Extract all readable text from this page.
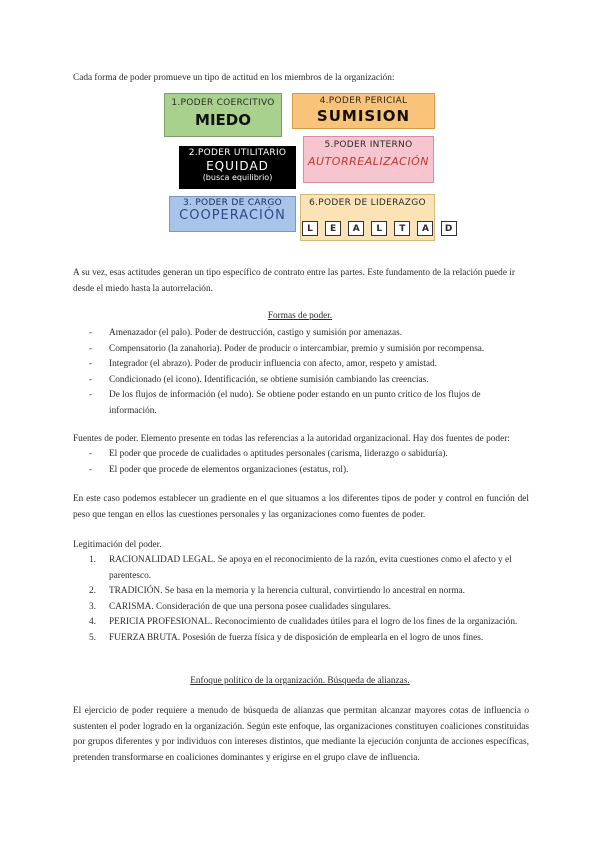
Cada forma de poder promueve un tipo de actitud en los miembros de la organización:

1.PODER COERCITIVO
MIEDO
4.PODER PERICIAL
SUMISION
2.PODER UTILITARIO
EQUIDAD
(busca equilibrio)
5.PODER INTERNO
AUTORREALIZACIÓN
3. PODER DE CARGO
COOPERACIÓN
6.PODER DE LIDERAZGO
L E A L T A D

A su vez, esas actitudes generan un tipo específico de contrato entre las partes. Este fundamento de la relación puede ir desde el miedo hasta la autorrelación.

Formas de poder.
- Amenazador (el palo). Poder de destrucción, castigo y sumisión por amenazas.
- Compensatorio (la zanahoria). Poder de producir o intercambiar, premio y sumisión por recompensa.
- Integrador (el abrazo). Poder de producir influencia con afecto, amor, respeto y amistad.
- Condicionado (el icono). Identificación, se obtiene sumisión cambiando las creencias.
- De los flujos de información (el nudo). Se obtiene poder estando en un punto crítico de los flujos de información.

Fuentes de poder. Elemento presente en todas las referencias a la autoridad organizacional. Hay dos fuentes de poder:

- El poder que procede de cualidades o aptitudes personales (carisma, liderazgo o sabiduría).
- El poder que procede de elementos organizaciones (estatus, rol).

En este caso podemos establecer un gradiente en el que situamos a los diferentes tipos de poder y control en función del peso que tengan en ellos las cuestiones personales y las organizaciones como fuentes de poder.

Legitimación del poder.

1. RACIONALIDAD LEGAL. Se apoya en el reconocimiento de la razón, evita cuestiones como el afecto y el parentesco.
2. TRADICIÓN. Se basa en la memoria y la herencia cultural, convirtiendo lo ancestral en norma.
3. CARISMA. Consideración de que una persona posee cualidades singulares.
4. PERICIA PROFESIONAL. Reconocimiento de cualidades útiles para el logro de los fines de la organización.
5. FUERZA BRUTA. Posesión de fuerza física y de disposición de emplearla en el logro de unos fines.
Enfoque político de la organización. Búsqueda de alianzas.

El ejercicio de poder requiere a menudo de búsqueda de alianzas que permitan alcanzar mayores cotas de influencia o sustenten el poder logrado en la organización. Según este enfoque, las organizaciones constituyen coaliciones constituidas por grupos diferentes y por individuos con intereses distintos, que mediante la ejecución conjunta de acciones específicas, pretenden transformarse en coaliciones dominantes y erigirse en el grupo clave de influencia.
